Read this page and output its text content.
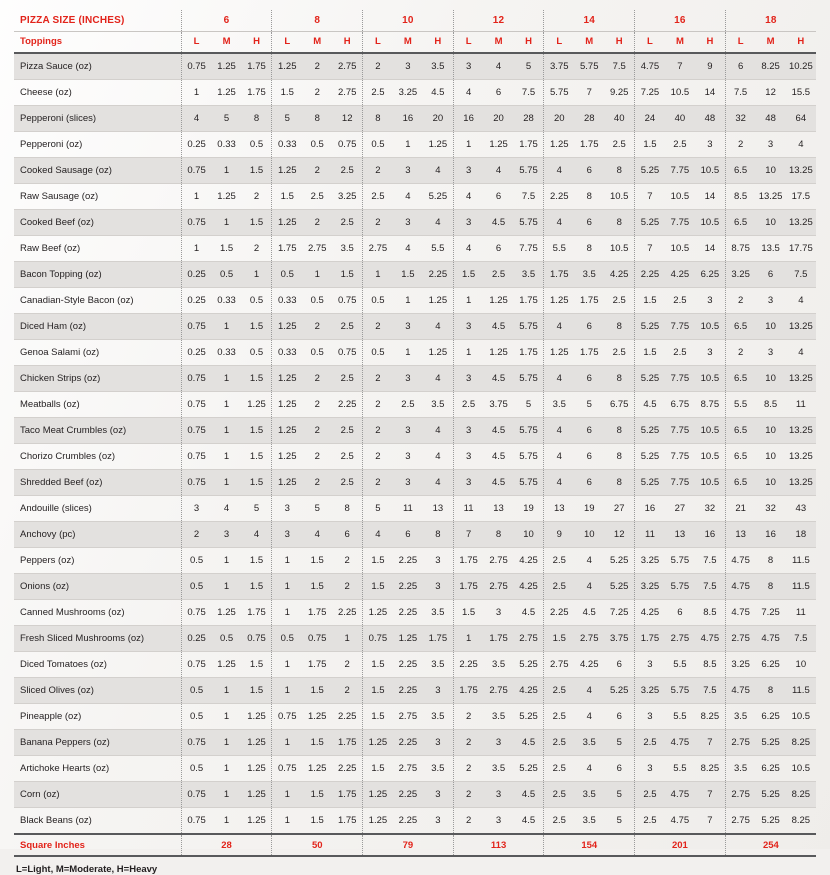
PIZZA SIZE (INCHES)	6			8			10			12			14			16			18		
Toppings	L	M	H	L	M	H	L	M	H	L	M	H	L	M	H	L	M	H	L	M	H
Pizza Sauce (oz)	0.75	1.25	1.75	1.25	2	2.75	2	3	3.5	3	4	5	3.75	5.75	7.5	4.75	7	9	6	8.25	10.25
Cheese (oz)	1	1.25	1.75	1.5	2	2.75	2.5	3.25	4.5	4	6	7.5	5.75	7	9.25	7.25	10.5	14	7.5	12	15.5
Pepperoni (slices)	4	5	8	5	8	12	8	16	20	16	20	28	20	28	40	24	40	48	32	48	64
Pepperoni (oz)	0.25	0.33	0.5	0.33	0.5	0.75	0.5	1	1.25	1	1.25	1.75	1.25	1.75	2.5	1.5	2.5	3	2	3	4
Cooked Sausage (oz)	0.75	1	1.5	1.25	2	2.5	2	3	4	3	4	5.75	4	6	8	5.25	7.75	10.5	6.5	10	13.25
Raw Sausage (oz)	1	1.25	2	1.5	2.5	3.25	2.5	4	5.25	4	6	7.5	2.25	8	10.5	7	10.5	14	8.5	13.25	17.5
Cooked Beef (oz)	0.75	1	1.5	1.25	2	2.5	2	3	4	3	4.5	5.75	4	6	8	5.25	7.75	10.5	6.5	10	13.25
Raw Beef (oz)	1	1.5	2	1.75	2.75	3.5	2.75	4	5.5	4	6	7.75	5.5	8	10.5	7	10.5	14	8.75	13.5	17.75
Bacon Topping (oz)	0.25	0.5	1	0.5	1	1.5	1	1.5	2.25	1.5	2.5	3.5	1.75	3.5	4.25	2.25	4.25	6.25	3.25	6	7.5
Canadian-Style Bacon (oz)	0.25	0.33	0.5	0.33	0.5	0.75	0.5	1	1.25	1	1.25	1.75	1.25	1.75	2.5	1.5	2.5	3	2	3	4
Diced Ham (oz)	0.75	1	1.5	1.25	2	2.5	2	3	4	3	4.5	5.75	4	6	8	5.25	7.75	10.5	6.5	10	13.25
Genoa Salami (oz)	0.25	0.33	0.5	0.33	0.5	0.75	0.5	1	1.25	1	1.25	1.75	1.25	1.75	2.5	1.5	2.5	3	2	3	4
Chicken Strips (oz)	0.75	1	1.5	1.25	2	2.5	2	3	4	3	4.5	5.75	4	6	8	5.25	7.75	10.5	6.5	10	13.25
Meatballs (oz)	0.75	1	1.25	1.25	2	2.25	2	2.5	3.5	2.5	3.75	5	3.5	5	6.75	4.5	6.75	8.75	5.5	8.5	11
Taco Meat Crumbles (oz)	0.75	1	1.5	1.25	2	2.5	2	3	4	3	4.5	5.75	4	6	8	5.25	7.75	10.5	6.5	10	13.25
Chorizo Crumbles (oz)	0.75	1	1.5	1.25	2	2.5	2	3	4	3	4.5	5.75	4	6	8	5.25	7.75	10.5	6.5	10	13.25
Shredded Beef (oz)	0.75	1	1.5	1.25	2	2.5	2	3	4	3	4.5	5.75	4	6	8	5.25	7.75	10.5	6.5	10	13.25
Andouille (slices)	3	4	5	3	5	8	5	11	13	11	13	19	13	19	27	16	27	32	21	32	43
Anchovy (pc)	2	3	4	3	4	6	4	6	8	7	8	10	9	10	12	11	13	16	13	16	18
Peppers (oz)	0.5	1	1.5	1	1.5	2	1.5	2.25	3	1.75	2.75	4.25	2.5	4	5.25	3.25	5.75	7.5	4.75	8	11.5
Onions (oz)	0.5	1	1.5	1	1.5	2	1.5	2.25	3	1.75	2.75	4.25	2.5	4	5.25	3.25	5.75	7.5	4.75	8	11.5
Canned Mushrooms (oz)	0.75	1.25	1.75	1	1.75	2.25	1.25	2.25	3.5	1.5	3	4.5	2.25	4.5	7.25	4.25	6	8.5	4.75	7.25	11
Fresh Sliced Mushrooms (oz)	0.25	0.5	0.75	0.5	0.75	1	0.75	1.25	1.75	1	1.75	2.75	1.5	2.75	3.75	1.75	2.75	4.75	2.75	4.75	7.5
Diced Tomatoes (oz)	0.75	1.25	1.5	1	1.75	2	1.5	2.25	3.5	2.25	3.5	5.25	2.75	4.25	6	3	5.5	8.5	3.25	6.25	10
Sliced Olives (oz)	0.5	1	1.5	1	1.5	2	1.5	2.25	3	1.75	2.75	4.25	2.5	4	5.25	3.25	5.75	7.5	4.75	8	11.5
Pineapple (oz)	0.5	1	1.25	0.75	1.25	2.25	1.5	2.75	3.5	2	3.5	5.25	2.5	4	6	3	5.5	8.25	3.5	6.25	10.5
Banana Peppers (oz)	0.75	1	1.25	1	1.5	1.75	1.25	2.25	3	2	3	4.5	2.5	3.5	5	2.5	4.75	7	2.75	5.25	8.25
Artichoke Hearts (oz)	0.5	1	1.25	0.75	1.25	2.25	1.5	2.75	3.5	2	3.5	5.25	2.5	4	6	3	5.5	8.25	3.5	6.25	10.5
Corn (oz)	0.75	1	1.25	1	1.5	1.75	1.25	2.25	3	2	3	4.5	2.5	3.5	5	2.5	4.75	7	2.75	5.25	8.25
Black Beans (oz)	0.75	1	1.25	1	1.5	1.75	1.25	2.25	3	2	3	4.5	2.5	3.5	5	2.5	4.75	7	2.75	5.25	8.25
Square Inches	28			50			79			113			154			201			254		
L=Light, M=Moderate, H=Heavy
